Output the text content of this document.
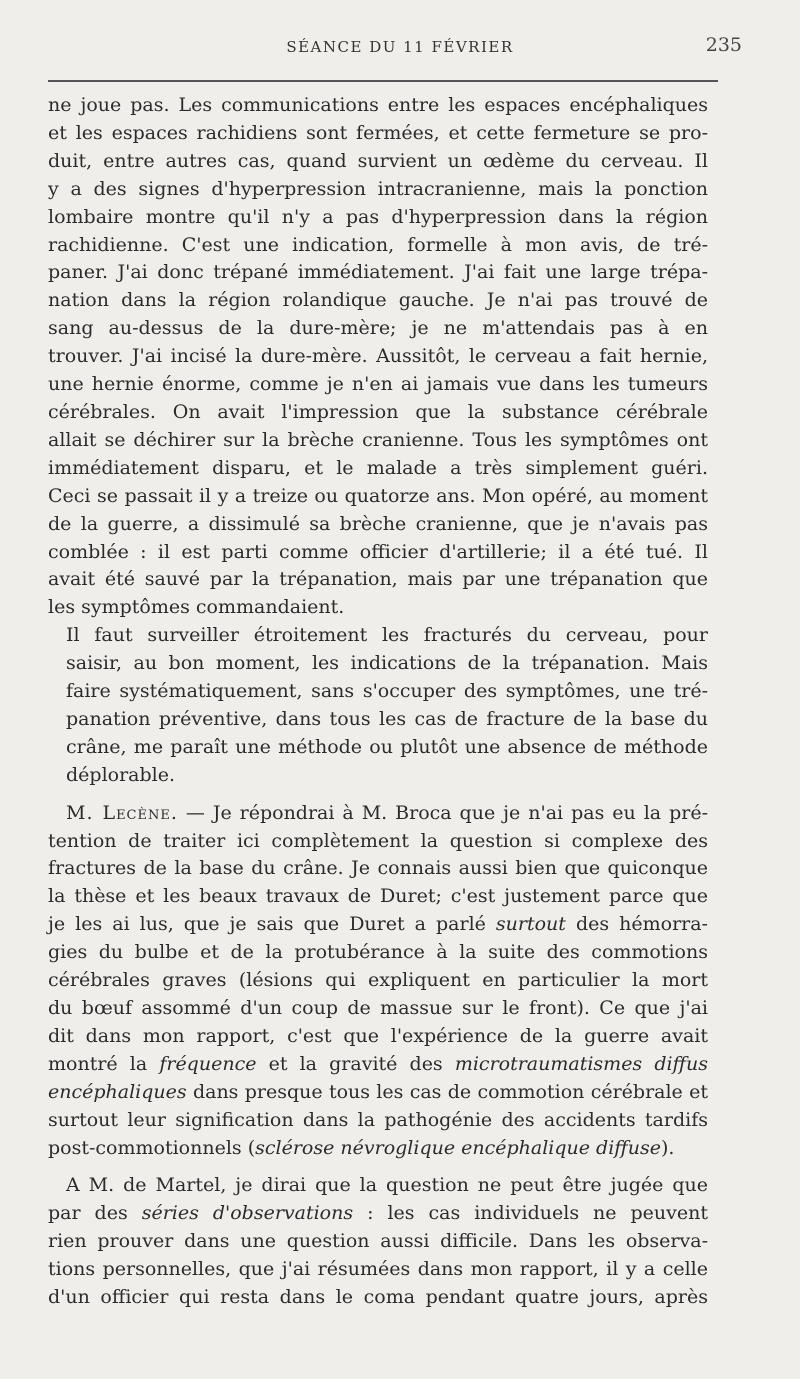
SÉANCE DU 11 FÉVRIER	235

ne joue pas. Les communications entre les espaces encéphaliques
et les espaces rachidiens sont fermées, et cette fermeture se pro-
duit, entre autres cas, quand survient un œdème du cerveau. Il
y a des signes d'hyperpression intracranienne, mais la ponction
lombaire montre qu'il n'y a pas d'hyperpression dans la région
rachidienne. C'est une indication, formelle à mon avis, de tré-
paner. J'ai donc trépané immédiatement. J'ai fait une large trépa-
nation dans la région rolandique gauche. Je n'ai pas trouvé de
sang au-dessus de la dure-mère; je ne m'attendais pas à en
trouver. J'ai incisé la dure-mère. Aussitôt, le cerveau a fait hernie,
une hernie énorme, comme je n'en ai jamais vue dans les tumeurs
cérébrales. On avait l'impression que la substance cérébrale
allait se déchirer sur la brèche cranienne. Tous les symptômes ont
immédiatement disparu, et le malade a très simplement guéri.
Ceci se passait il y a treize ou quatorze ans. Mon opéré, au moment
de la guerre, a dissimulé sa brèche cranienne, que je n'avais pas
comblée : il est parti comme officier d'artillerie; il a été tué. Il
avait été sauvé par la trépanation, mais par une trépanation que
les symptômes commandaient.

Il faut surveiller étroitement les fracturés du cerveau, pour
saisir, au bon moment, les indications de la trépanation. Mais
faire systématiquement, sans s'occuper des symptômes, une tré-
panation préventive, dans tous les cas de fracture de la base du
crâne, me paraît une méthode ou plutôt une absence de méthode
déplorable.

M. Lecène. — Je répondrai à M. Broca que je n'ai pas eu la pré-
tention de traiter ici complètement la question si complexe des
fractures de la base du crâne. Je connais aussi bien que quiconque
la thèse et les beaux travaux de Duret; c'est justement parce que
je les ai lus, que je sais que Duret a parlé surtout des hémorra-
gies du bulbe et de la protubérance à la suite des commotions
cérébrales graves (lésions qui expliquent en particulier la mort
du bœuf assommé d'un coup de massue sur le front). Ce que j'ai
dit dans mon rapport, c'est que l'expérience de la guerre avait
montré la fréquence et la gravité des microtraumatismes diffus
encéphaliques dans presque tous les cas de commotion cérébrale et
surtout leur signification dans la pathogénie des accidents tardifs
post-commotionnels (sclérose névroglique encéphalique diffuse).

A M. de Martel, je dirai que la question ne peut être jugée que
par des séries d'observations : les cas individuels ne peuvent
rien prouver dans une question aussi difficile. Dans les observa-
tions personnelles, que j'ai résumées dans mon rapport, il y a celle
d'un officier qui resta dans le coma pendant quatre jours, après
